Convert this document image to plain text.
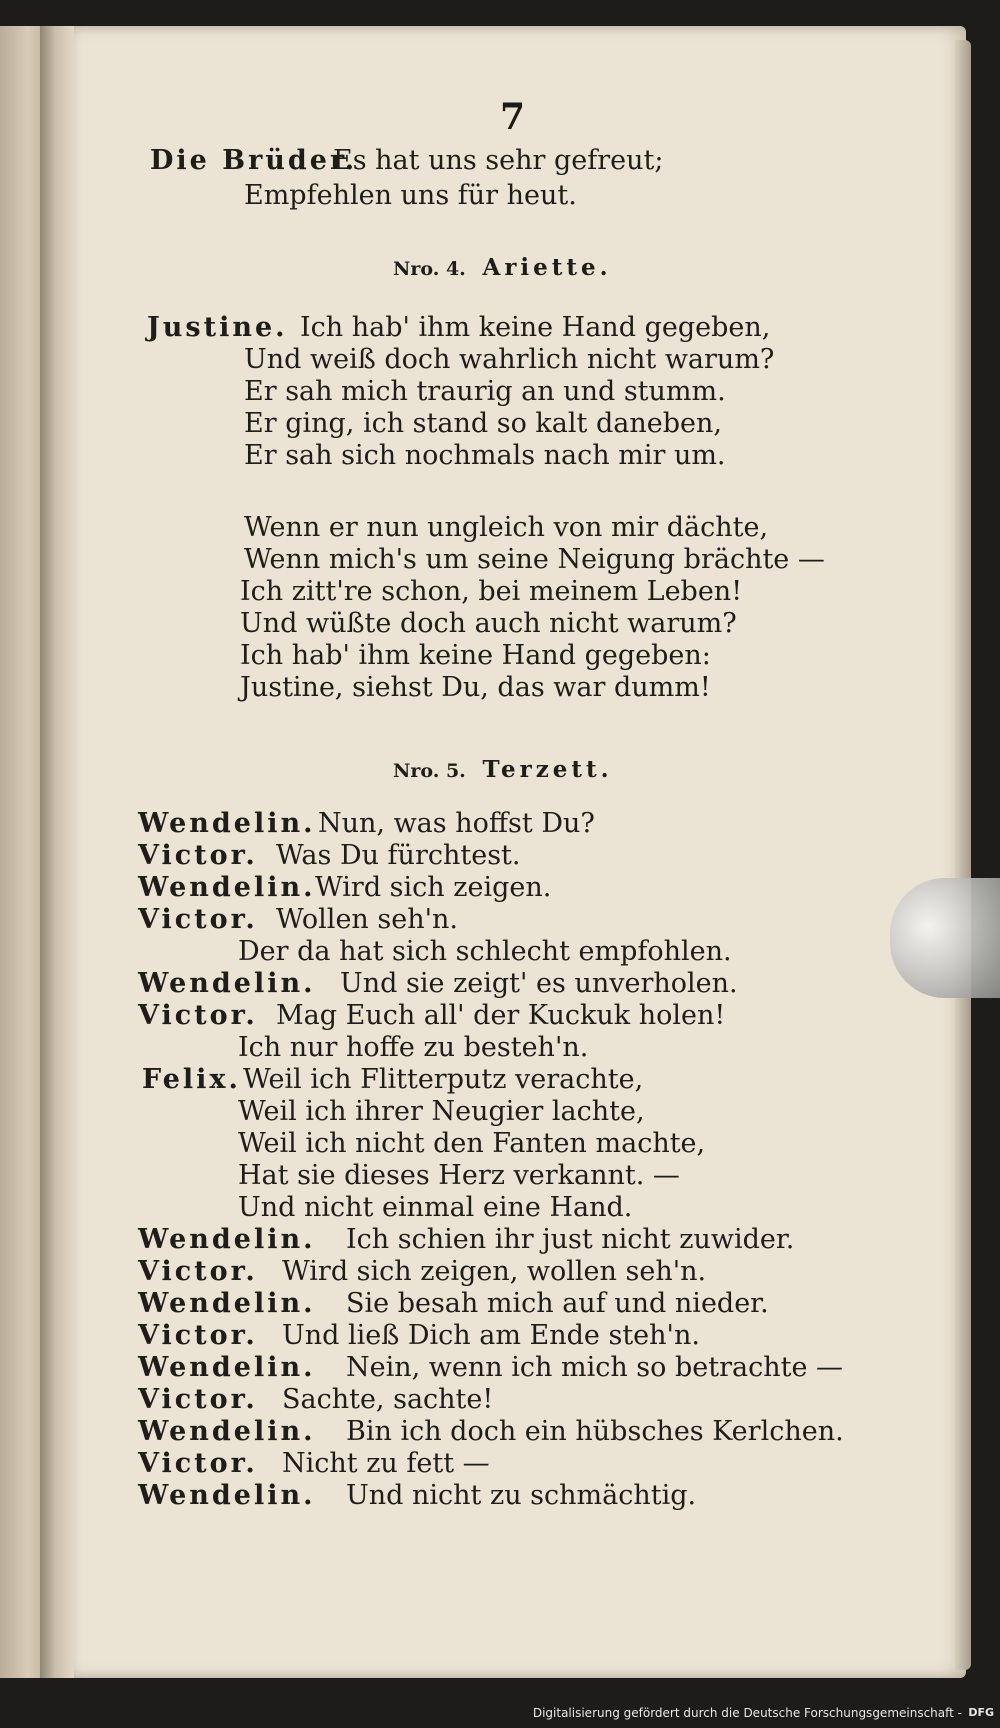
7
Nro. 4. Ariette.
Nro. 5. Terzett.
Die Brüder.
Es hat uns sehr gefreut;
Empfehlen uns für heut.
Justine. Ich hab' ihm keine Hand gegeben,
Und weiß doch wahrlich nicht warum?
Er sah mich traurig an und stumm.
Er ging, ich stand so kalt daneben,
Er sah sich nochmals nach mir um.
Wenn er nun ungleich von mir dächte,
Wenn mich's um seine Neigung brächte —
Ich zitt're schon, bei meinem Leben!
Und wüßte doch auch nicht warum?
Ich hab' ihm keine Hand gegeben:
Justine, siehst Du, das war dumm!
Wendelin. Nun, was hoffst Du?
Victor. Was Du fürchtest.
Wendelin. Wird sich zeigen.
Victor. Wollen seh'n.
Der da hat sich schlecht empfohlen.
Wendelin. Und sie zeigt' es unverholen.
Victor. Mag Euch all' der Kuckuk holen!
Ich nur hoffe zu besteh'n.
Felix. Weil ich Flitterputz verachte,
Weil ich ihrer Neugier lachte,
Weil ich nicht den Fanten machte,
Hat sie dieses Herz verkannt. —
Und nicht einmal eine Hand.
Wendelin. Ich schien ihr just nicht zuwider.
Victor. Wird sich zeigen, wollen seh'n.
Wendelin. Sie besah mich auf und nieder.
Victor. Und ließ Dich am Ende steh'n.
Wendelin. Nein, wenn ich mich so betrachte —
Victor. Sachte, sachte!
Wendelin. Bin ich doch ein hübsches Kerlchen.
Victor. Nicht zu fett —
Wendelin. Und nicht zu schmächtig.
Digitalisierung gefördert durch die Deutsche Forschungsgemeinschaft - DFG
